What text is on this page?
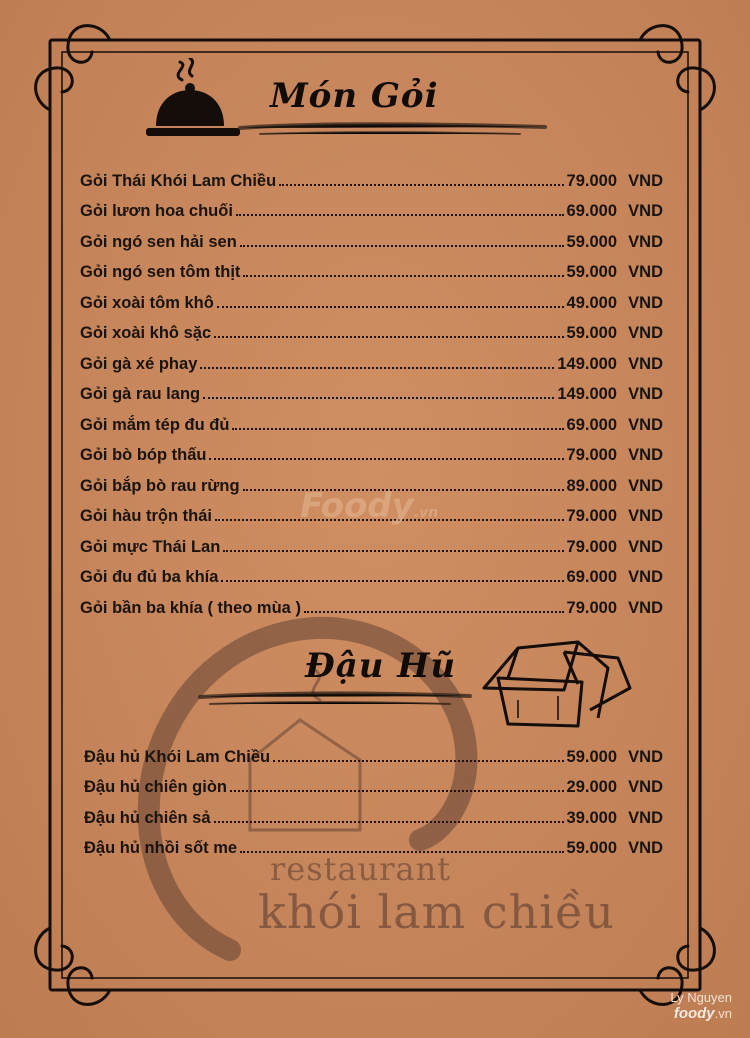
Món Gỏi
Gỏi Thái Khói Lam Chiều	79.000 VND
Gỏi lươn hoa chuối	69.000 VND
Gỏi ngó sen hải sen	59.000 VND
Gỏi ngó sen tôm thịt	59.000 VND
Gỏi xoài tôm khô	49.000 VND
Gỏi xoài khô sặc	59.000 VND
Gỏi gà xé phay	149.000 VND
Gỏi gà rau lang	149.000 VND
Gỏi mắm tép đu đủ	69.000 VND
Gỏi bò bóp thấu	79.000 VND
Gỏi bắp bò rau rừng	89.000 VND
Gỏi hàu trộn thái	79.000 VND
Gỏi mực Thái Lan	79.000 VND
Gỏi đu đủ ba khía	69.000 VND
Gỏi bần ba khía ( theo mùa )	79.000 VND
Đậu Hũ
Đậu hủ Khói Lam Chiều	59.000 VND
Đậu hủ chiên giòn	29.000 VND
Đậu hủ chiên sả	39.000 VND
Đậu hủ nhồi sốt me	59.000 VND
Foody.vn
restaurant
khói lam chiều
Ly Nguyen
foody.vn
